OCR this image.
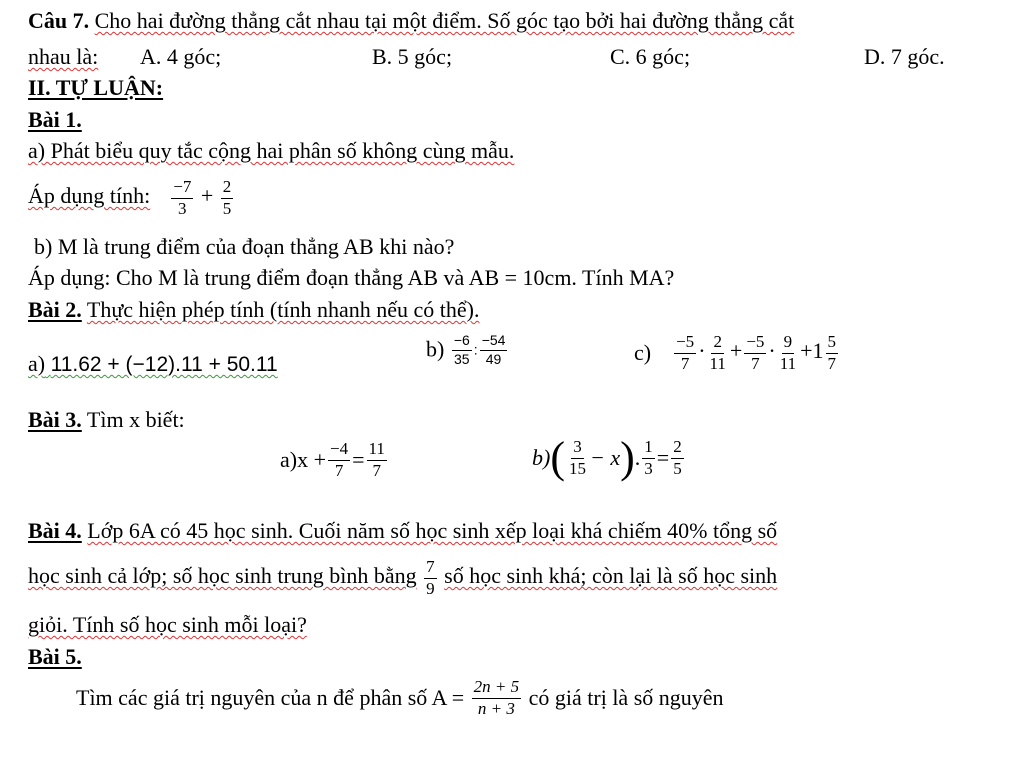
Câu 7. Cho hai đường thẳng cắt nhau tại một điểm. Số góc tạo bởi hai đường thẳng cắt
nhau là: A. 4 góc;	B. 5 góc;	C. 6 góc;	D. 7 góc.
II. TỰ LUẬN:
Bài 1.
a) Phát biểu quy tắc cộng hai phân số không cùng mẫu.
Áp dụng tính: $\frac{-7}{3} + \frac{2}{5}$
b) M là trung điểm của đoạn thẳng AB khi nào?
Áp dụng: Cho M là trung điểm đoạn thẳng AB và AB = 10cm. Tính MA?
Bài 2. Thực hiện phép tính (tính nhanh nếu có thể).
a) 11.62 + (−12).11 + 50.11
$b) \frac{-6}{35}$ : $\frac{-54}{49}$	$c) \frac{-5}{7} \cdot \frac{2}{11} + \frac{-5}{7} \cdot \frac{9}{11} +1 \frac{5}{7}$
Bài 3. Tìm x biết:
$a)x + \frac{-4}{7} = \frac{11}{7}$	$b)( \frac{3}{15} - x)$. $\frac{1}{3} = \frac{2}{5}$
Bài 4. Lớp 6A có 45 học sinh. Cuối năm số học sinh xếp loại khá chiếm 40% tổng số
học sinh cả lớp; số học sinh trung bình bằng $\frac{7}{9}$ số học sinh khá; còn lại là số học sinh
giỏi. Tính số học sinh mỗi loại?
Bài 5.
Tìm các giá trị nguyên của n để phân số $A = \frac{2n + 5}{n + 3}$ có giá trị là số nguyên
